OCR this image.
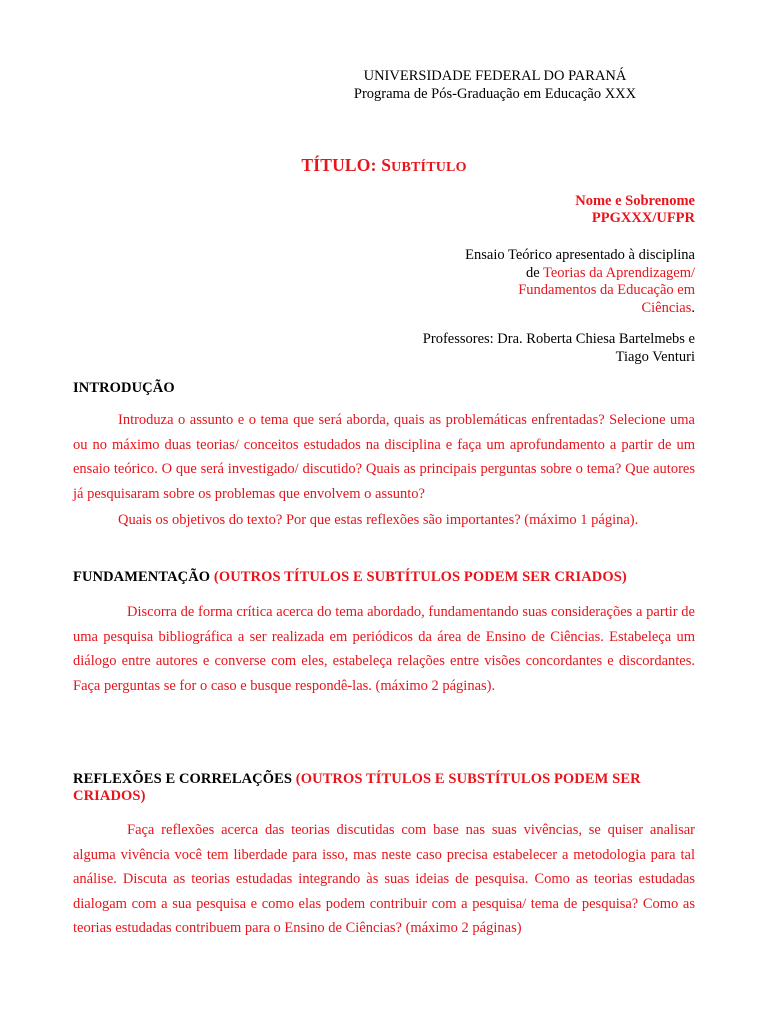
UNIVERSIDADE FEDERAL DO PARANÁ
Programa de Pós-Graduação em Educação XXX
TÍTULO: SUBTÍTULO
Nome e Sobrenome
PPGXXX/UFPR
Ensaio Teórico apresentado à disciplina
de Teorias da Aprendizagem/
Fundamentos da Educação em
Ciências.
Professores: Dra. Roberta Chiesa Bartelmebs e
Tiago Venturi
INTRODUÇÃO
Introduza o assunto e o tema que será aborda, quais as problemáticas enfrentadas? Selecione uma ou no máximo duas teorias/ conceitos estudados na disciplina e faça um aprofundamento a partir de um ensaio teórico. O que será investigado/ discutido? Quais as principais perguntas sobre o tema? Que autores já pesquisaram sobre os problemas que envolvem o assunto?
Quais os objetivos do texto? Por que estas reflexões são importantes? (máximo 1 página).
FUNDAMENTAÇÃO (OUTROS TÍTULOS E SUBTÍTULOS PODEM SER CRIADOS)
Discorra de forma crítica acerca do tema abordado, fundamentando suas considerações a partir de uma pesquisa bibliográfica a ser realizada em periódicos da área de Ensino de Ciências. Estabeleça um diálogo entre autores e converse com eles, estabeleça relações entre visões concordantes e discordantes. Faça perguntas se for o caso e busque respondê-las. (máximo 2 páginas).
REFLEXÕES E CORRELAÇÕES (OUTROS TÍTULOS E SUBSTÍTULOS PODEM SER CRIADOS)
Faça reflexões acerca das teorias discutidas com base nas suas vivências, se quiser analisar alguma vivência você tem liberdade para isso, mas neste caso precisa estabelecer a metodologia para tal análise. Discuta as teorias estudadas integrando às suas ideias de pesquisa. Como as teorias estudadas dialogam com a sua pesquisa e como elas podem contribuir com a pesquisa/ tema de pesquisa? Como as teorias estudadas contribuem para o Ensino de Ciências? (máximo 2 páginas)
